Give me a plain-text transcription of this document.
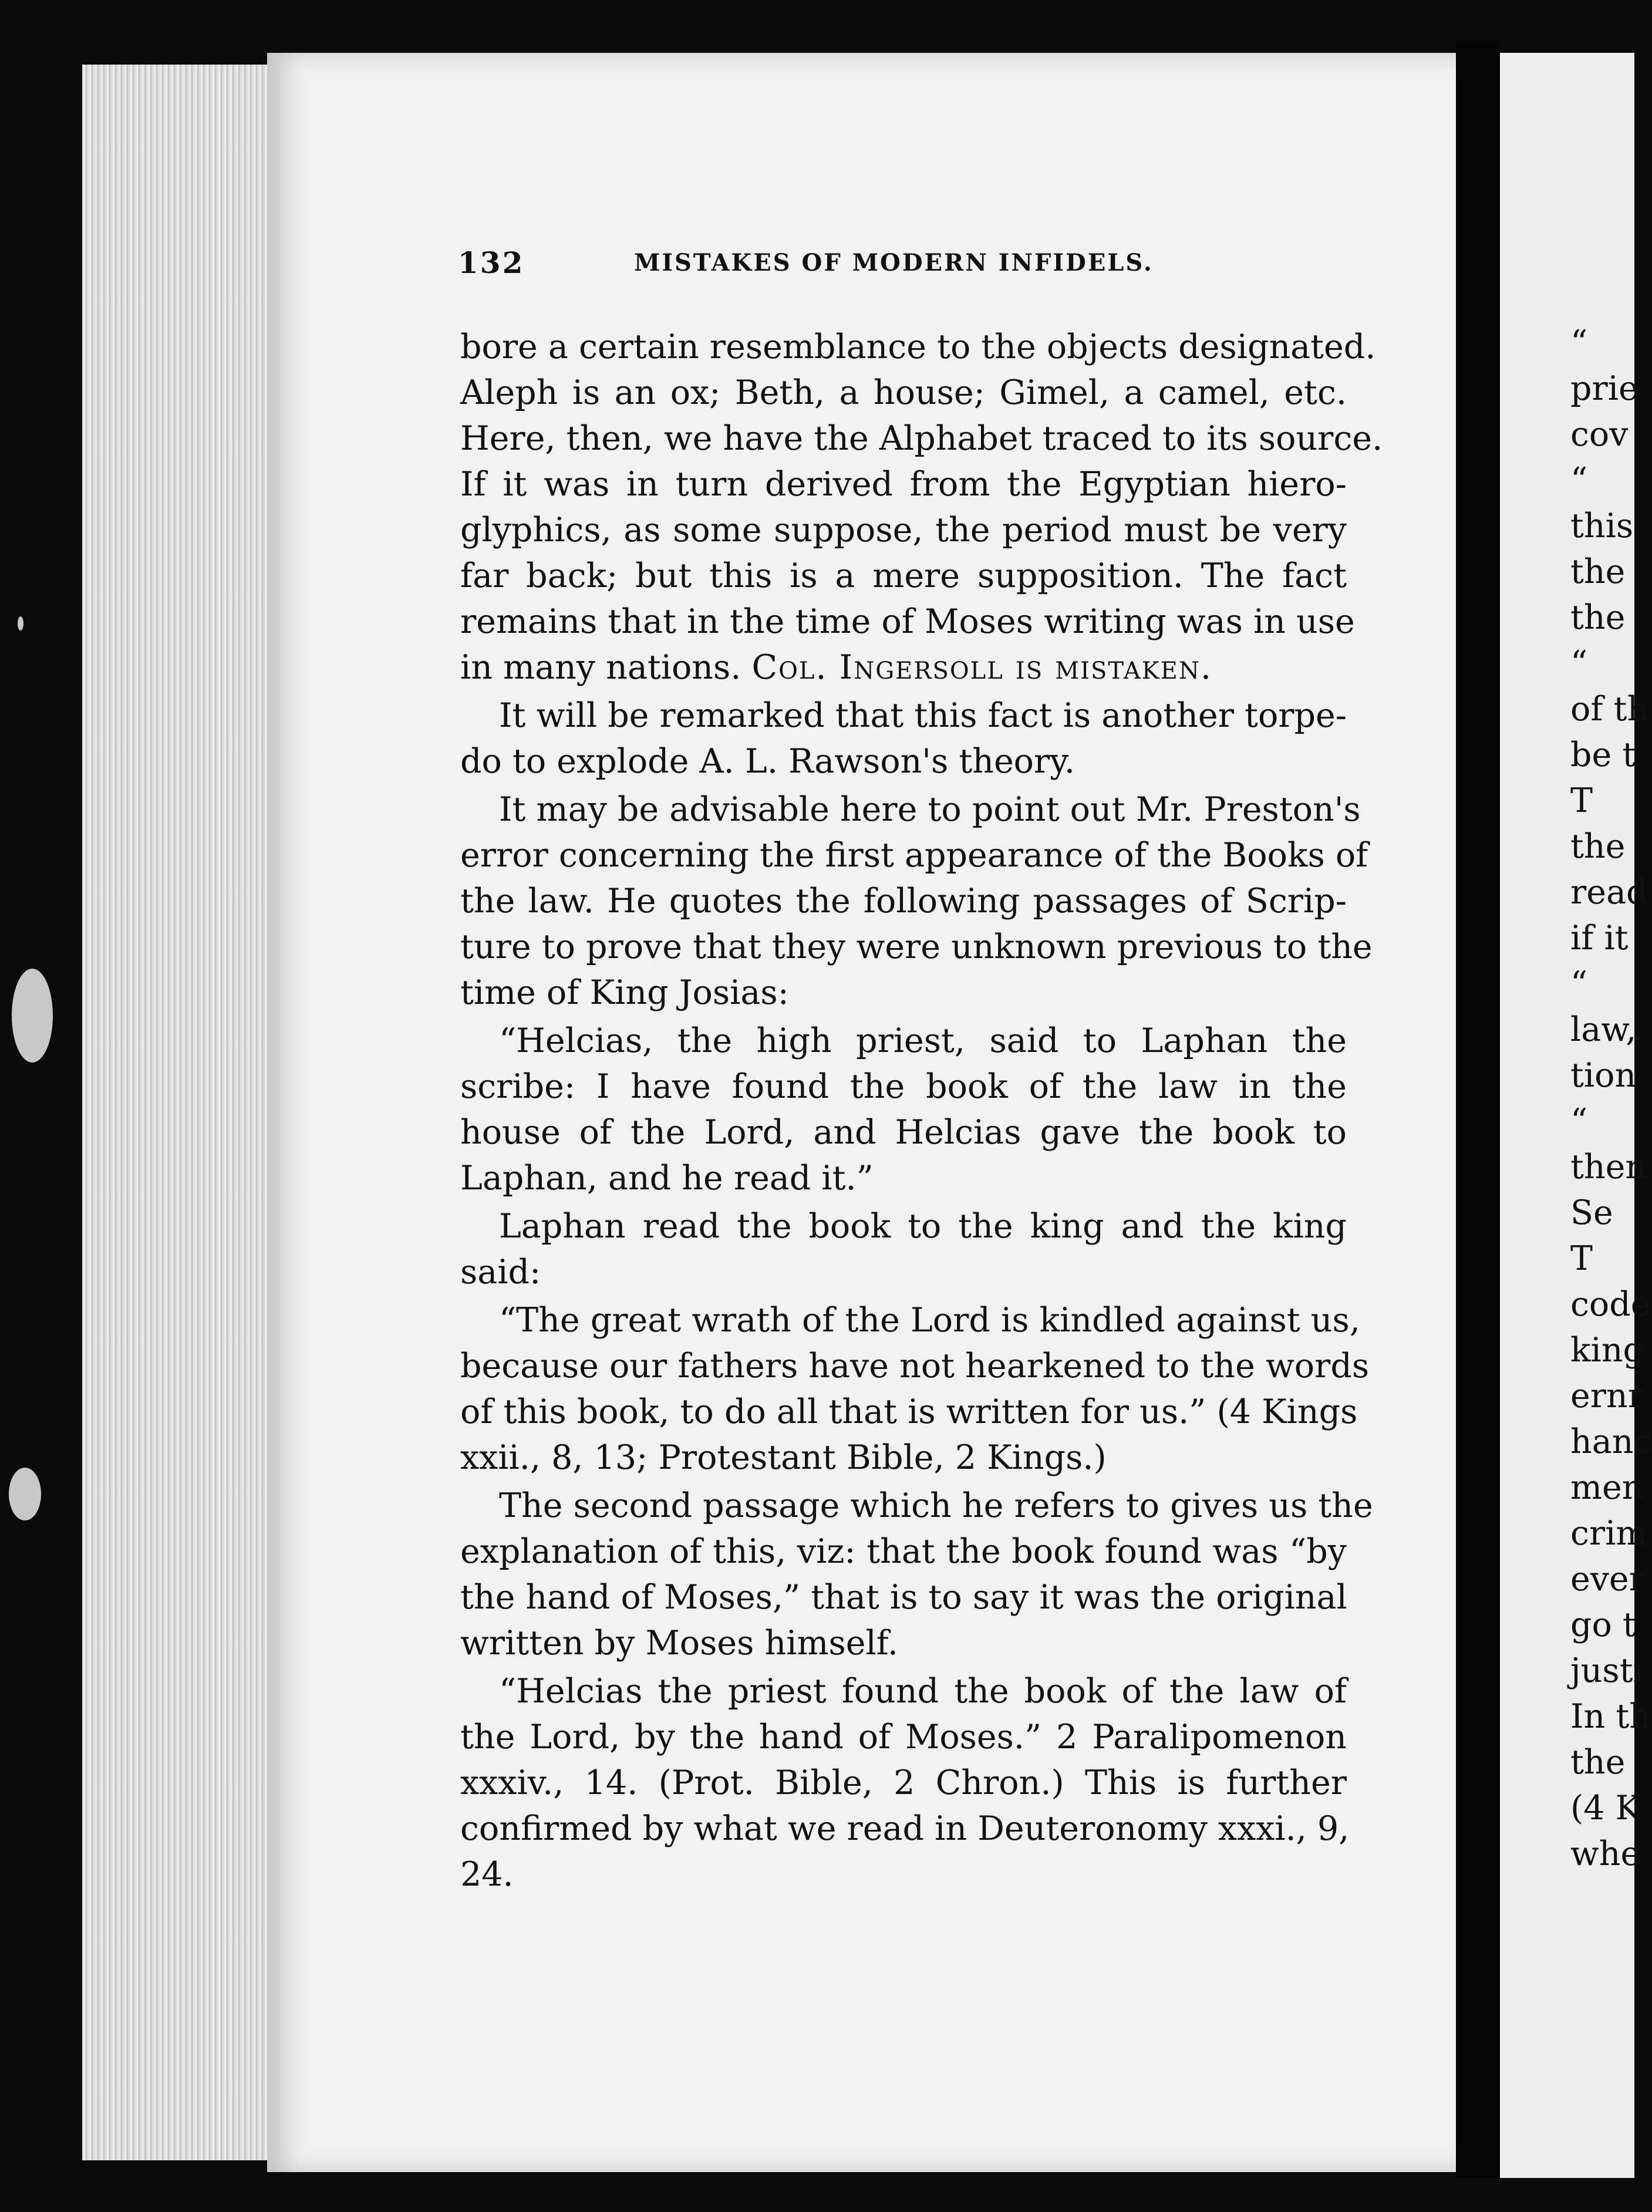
“
prie
cov
“
this
the
the
“
of th
be t
T
the
read
if it
“
law,
tion
“
then
Se
T
code
king
ernr
hanc
men
crim
ever
go t
justi
In th
the
(4 K
whe
132	MISTAKES OF MODERN INFIDELS.
bore a certain resemblance to the objects designated.
Aleph is an ox; Beth, a house; Gimel, a camel, etc.
Here, then, we have the Alphabet traced to its source.
If it was in turn derived from the Egyptian hiero-
glyphics, as some suppose, the period must be very
far back; but this is a mere supposition. The fact
remains that in the time of Moses writing was in use
in many nations. Col. Ingersoll is mistaken.
It will be remarked that this fact is another torpe-
do to explode A. L. Rawson's theory.
It may be advisable here to point out Mr. Preston's
error concerning the first appearance of the Books of
the law. He quotes the following passages of Scrip-
ture to prove that they were unknown previous to the
time of King Josias:
“Helcias, the high priest, said to Laphan the
scribe: I have found the book of the law in the
house of the Lord, and Helcias gave the book to
Laphan, and he read it.”
Laphan read the book to the king and the king
said:
“The great wrath of the Lord is kindled against us,
because our fathers have not hearkened to the words
of this book, to do all that is written for us.” (4 Kings
xxii., 8, 13; Protestant Bible, 2 Kings.)
The second passage which he refers to gives us the
explanation of this, viz: that the book found was “by
the hand of Moses,” that is to say it was the original
written by Moses himself.
“Helcias the priest found the book of the law of
the Lord, by the hand of Moses.” 2 Paralipomenon
xxxiv., 14. (Prot. Bible, 2 Chron.) This is further
confirmed by what we read in Deuteronomy xxxi., 9,
24.
